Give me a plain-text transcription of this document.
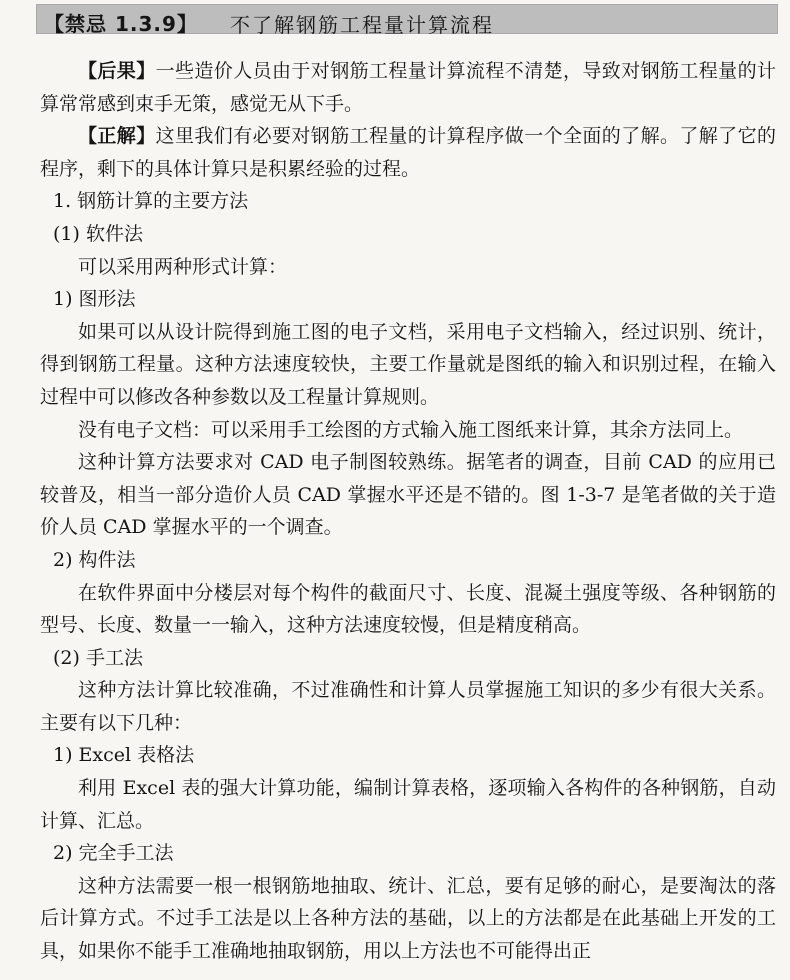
【禁忌 1.3.9】 不了解钢筋工程量计算流程

【后果】一些造价人员由于对钢筋工程量计算流程不清楚，导致对钢筋工程量的计算常常感到束手无策，感觉无从下手。

【正解】这里我们有必要对钢筋工程量的计算程序做一个全面的了解。了解了它的程序，剩下的具体计算只是积累经验的过程。

1. 钢筋计算的主要方法

(1) 软件法

可以采用两种形式计算：

1) 图形法

如果可以从设计院得到施工图的电子文档，采用电子文档输入，经过识别、统计，得到钢筋工程量。这种方法速度较快，主要工作量就是图纸的输入和识别过程，在输入过程中可以修改各种参数以及工程量计算规则。

没有电子文档：可以采用手工绘图的方式输入施工图纸来计算，其余方法同上。

这种计算方法要求对 CAD 电子制图较熟练。据笔者的调查，目前 CAD 的应用已较普及，相当一部分造价人员 CAD 掌握水平还是不错的。图 1-3-7 是笔者做的关于造价人员 CAD 掌握水平的一个调查。

2) 构件法

在软件界面中分楼层对每个构件的截面尺寸、长度、混凝土强度等级、各种钢筋的型号、长度、数量一一输入，这种方法速度较慢，但是精度稍高。

(2) 手工法

这种方法计算比较准确，不过准确性和计算人员掌握施工知识的多少有很大关系。主要有以下几种：

1) Excel 表格法

利用 Excel 表的强大计算功能，编制计算表格，逐项输入各构件的各种钢筋，自动计算、汇总。

2) 完全手工法

这种方法需要一根一根钢筋地抽取、统计、汇总，要有足够的耐心，是要淘汰的落后计算方式。不过手工法是以上各种方法的基础，以上的方法都是在此基础上开发的工具，如果你不能手工准确地抽取钢筋，用以上方法也不可能得出正
